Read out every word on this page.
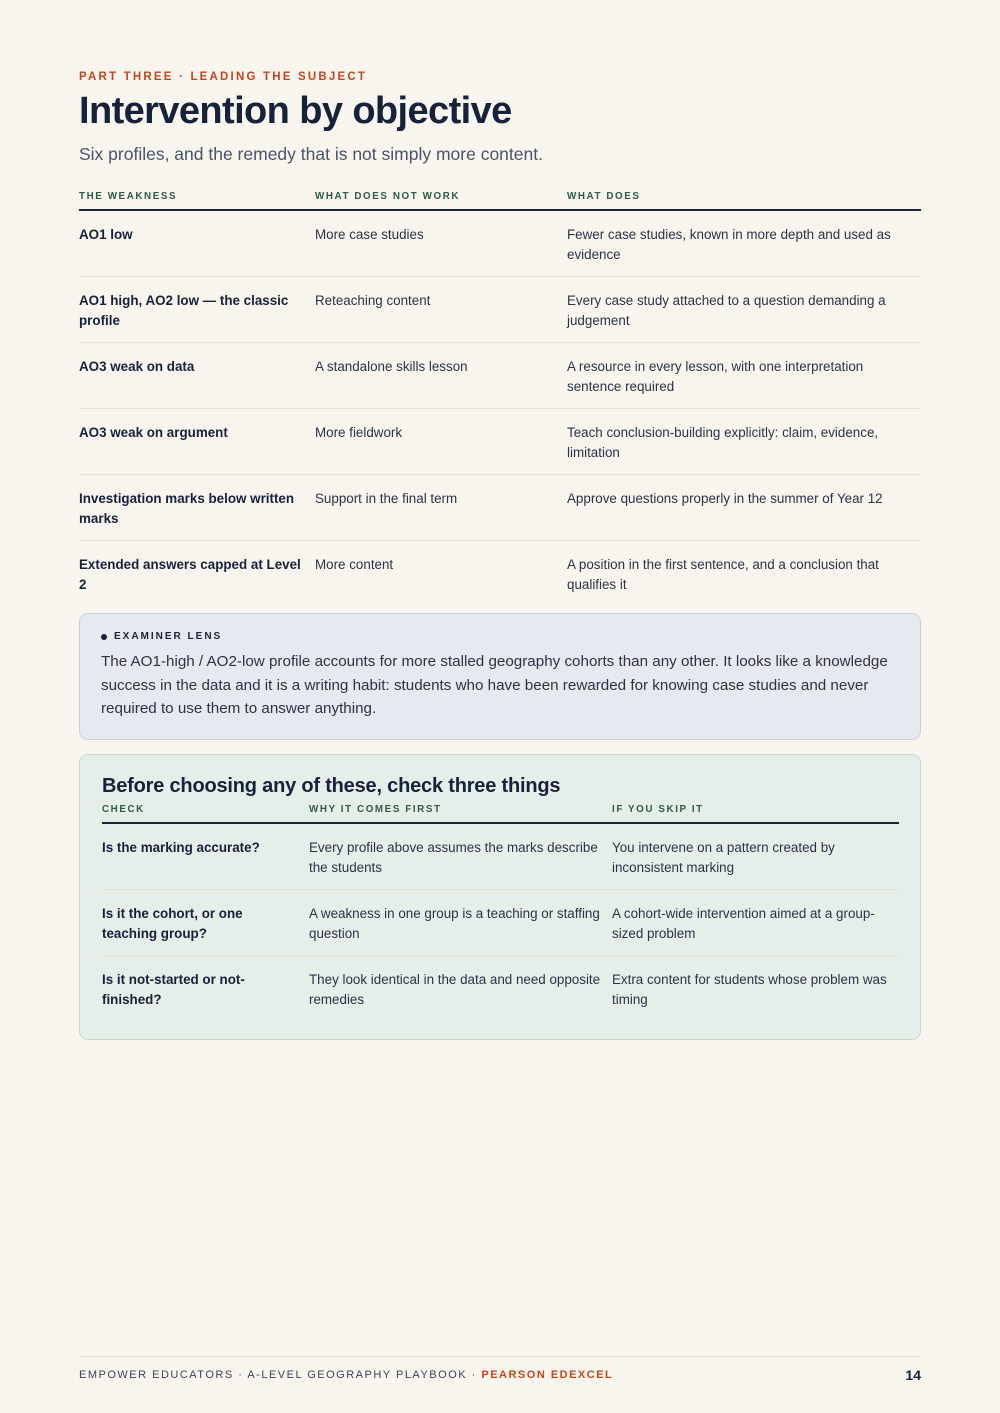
PART THREE · LEADING THE SUBJECT
Intervention by objective
Six profiles, and the remedy that is not simply more content.
THE WEAKNESS	WHAT DOES NOT WORK	WHAT DOES
AO1 low	More case studies	Fewer case studies, known in more depth and used as evidence
AO1 high, AO2 low — the classic profile	Reteaching content	Every case study attached to a question demanding a judgement
AO3 weak on data	A standalone skills lesson	A resource in every lesson, with one interpretation sentence required
AO3 weak on argument	More fieldwork	Teach conclusion-building explicitly: claim, evidence, limitation
Investigation marks below written marks	Support in the final term	Approve questions properly in the summer of Year 12
Extended answers capped at Level 2	More content	A position in the first sentence, and a conclusion that qualifies it
EXAMINER LENS

The AO1-high / AO2-low profile accounts for more stalled geography cohorts than any other. It looks like a knowledge success in the data and it is a writing habit: students who have been rewarded for knowing case studies and never required to use them to answer anything.

Before choosing any of these, check three things
CHECK	WHY IT COMES FIRST	IF YOU SKIP IT
Is the marking accurate?	Every profile above assumes the marks describe the students	You intervene on a pattern created by inconsistent marking
Is it the cohort, or one teaching group?	A weakness in one group is a teaching or staffing question	A cohort-wide intervention aimed at a group-sized problem
Is it not-started or not-finished?	They look identical in the data and need opposite remedies	Extra content for students whose problem was timing
EMPOWER EDUCATORS · A-LEVEL GEOGRAPHY PLAYBOOK · PEARSON EDEXCEL	14
